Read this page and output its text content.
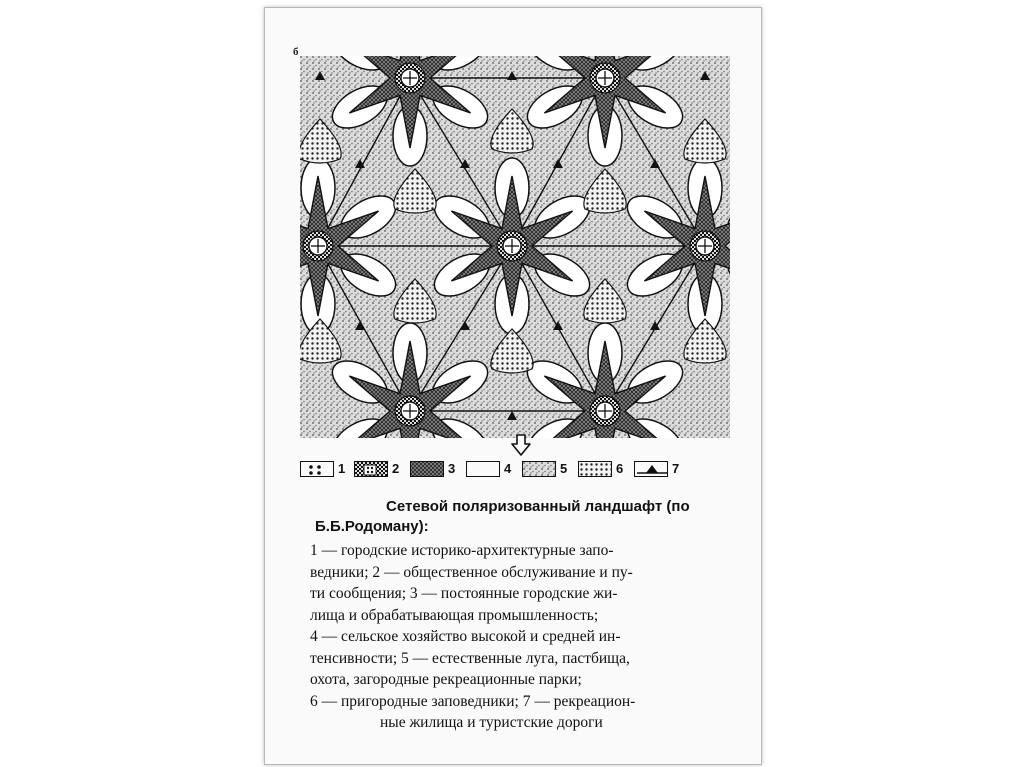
б
1	2	3	4	5	6	7
Сетевой поляризованный ландшафт (по
Б.Б.Родоману):
1 — городские историко-архитектурные запо-
ведники; 2 — общественное обслуживание и пу-
ти сообщения; 3 — постоянные городские жи-
лища и обрабатывающая промышленность;
4 — сельское хозяйство высокой и средней ин-
тенсивности; 5 — естественные луга, пастбища,
охота, загородные рекреационные парки;
6 — пригородные заповедники; 7 — рекреацион-
ные жилища и туристские дороги
